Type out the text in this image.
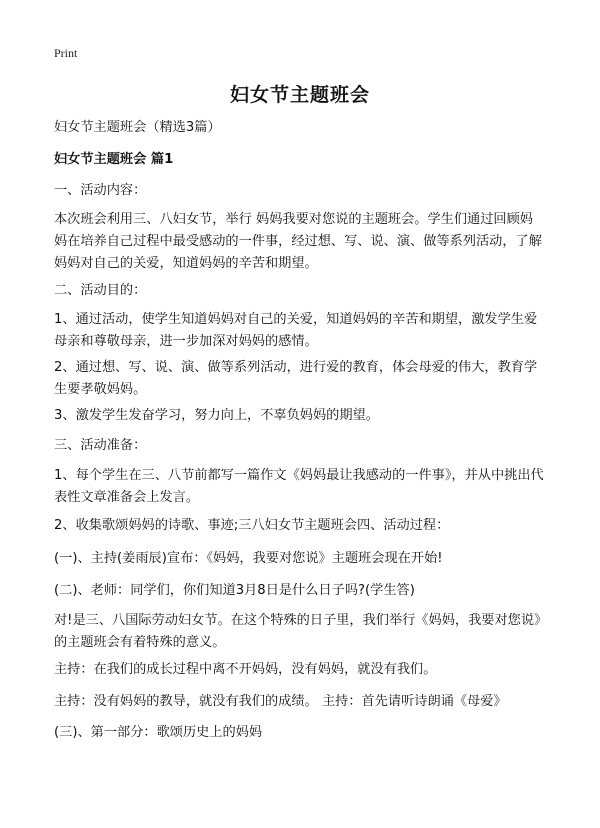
Print
妇女节主题班会

妇女节主题班会（精选3篇）

妇女节主题班会 篇1

一、活动内容：

本次班会利用三、八妇女节，举行 妈妈我要对您说的主题班会。学生们通过回顾妈妈在培养自己过程中最受感动的一件事，经过想、写、说、演、做等系列活动，了解妈妈对自己的关爱，知道妈妈的辛苦和期望。

二、活动目的：

1、通过活动，使学生知道妈妈对自己的关爱，知道妈妈的辛苦和期望，激发学生爱母亲和尊敬母亲，进一步加深对妈妈的感情。

2、通过想、写、说、演、做等系列活动，进行爱的教育，体会母爱的伟大，教育学生要孝敬妈妈。

3、激发学生发奋学习，努力向上，不辜负妈妈的期望。

三、活动准备：

1、每个学生在三、八节前都写一篇作文《妈妈最让我感动的一件事》，并从中挑出代表性文章准备会上发言。

2、收集歌颂妈妈的诗歌、事迹;三八妇女节主题班会四、活动过程：

(一)、主持(姜雨辰)宣布：《妈妈，我要对您说》主题班会现在开始!

(二)、老师：同学们，你们知道3月8日是什么日子吗?(学生答)

对!是三、八国际劳动妇女节。在这个特殊的日子里，我们举行《妈妈，我要对您说》的主题班会有着特殊的意义。

主持：在我们的成长过程中离不开妈妈，没有妈妈，就没有我们。

主持：没有妈妈的教导，就没有我们的成绩。 主持：首先请听诗朗诵《母爱》

(三)、第一部分：歌颂历史上的妈妈
